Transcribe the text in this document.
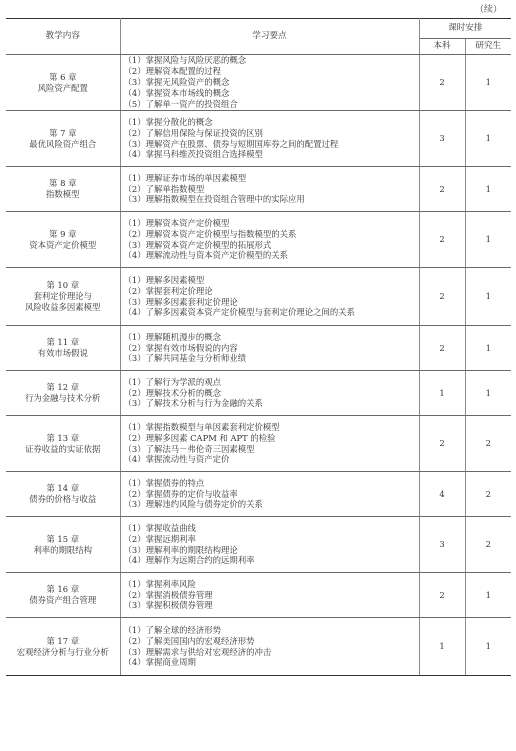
（续）
教学内容	学习要点	课时安排	
		本科	研究生

第 6 章
风险资产配置	（1）掌握风险与风险厌恶的概念
（2）理解资本配置的过程
（3）掌握无风险资产的概念
（4）掌握资本市场线的概念
（5）了解单一资产的投资组合	2	1

第 7 章
最优风险资产组合	（1）掌握分散化的概念
（2）了解信用保险与保证投资的区别
（3）理解资产在股票、债券与短期国库券之间的配置过程
（4）掌握马科维茨投资组合选择模型	3	1

第 8 章
指数模型	（1）理解证券市场的单因素模型
（2）了解单指数模型
（3）理解指数模型在投资组合管理中的实际应用	2	1

第 9 章
资本资产定价模型	（1）理解资本资产定价模型
（2）理解资本资产定价模型与指数模型的关系
（3）理解资本资产定价模型的拓展形式
（4）理解流动性与资本资产定价模型的关系	2	1

第 10 章
套利定价理论与
风险收益多因素模型	（1）理解多因素模型
（2）掌握套利定价理论
（3）理解多因素套利定价理论
（4）了解多因素资本资产定价模型与套利定价理论之间的关系	2	1

第 11 章
有效市场假说	（1）理解随机漫步的概念
（2）掌握有效市场假说的内容
（3）了解共同基金与分析师业绩	2	1

第 12 章
行为金融与技术分析	（1）了解行为学派的观点
（2）理解技术分析的概念
（3）了解技术分析与行为金融的关系	1	1

第 13 章
证券收益的实证依据	（1）掌握指数模型与单因素套利定价模型
（2）理解多因素 CAPM 和 APT 的检验
（3）了解法马－弗伦奇三因素模型
（4）掌握流动性与资产定价	2	2

第 14 章
债券的价格与收益	（1）掌握债券的特点
（2）掌握债券的定价与收益率
（3）理解违约风险与债券定价的关系	4	2

第 15 章
利率的期限结构	（1）掌握收益曲线
（2）掌握远期利率
（3）理解利率的期限结构理论
（4）理解作为远期合约的远期利率	3	2

第 16 章
债券资产组合管理	（1）掌握利率风险
（2）掌握消极债券管理
（3）掌握积极债券管理	2	1

第 17 章
宏观经济分析与行业分析	（1）了解全球的经济形势
（2）了解美国国内的宏观经济形势
（3）理解需求与供给对宏观经济的冲击
（4）掌握商业周期	1	1
